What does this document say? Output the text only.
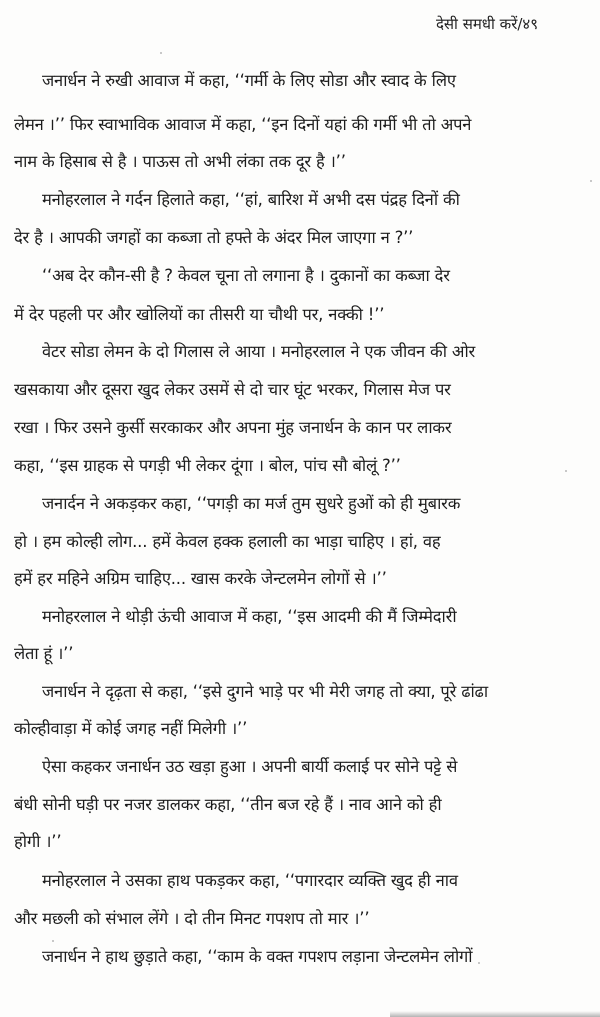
देसी समधी करें/४९
जनार्धन ने रुखी आवाज में कहा, ‘‘गर्मी के लिए सोडा और स्वाद के लिए
लेमन ।’’ फिर स्वाभाविक आवाज में कहा, ‘‘इन दिनों यहां की गर्मी भी तो अपने
नाम के हिसाब से है । पाऊस तो अभी लंका तक दूर है ।’’
मनोहरलाल ने गर्दन हिलाते कहा, ‘‘हां, बारिश में अभी दस पंद्रह दिनों की
देर है । आपकी जगहों का कब्जा तो हफ्ते के अंदर मिल जाएगा न ?’’
‘‘अब देर कौन-सी है ? केवल चूना तो लगाना है । दुकानों का कब्जा देर
में देर पहली पर और खोलियों का तीसरी या चौथी पर, नक्की !’’
वेटर सोडा लेमन के दो गिलास ले आया । मनोहरलाल ने एक जीवन की ओर
खसकाया और दूसरा खुद लेकर उसमें से दो चार घूंट भरकर, गिलास मेज पर
रखा । फिर उसने कुर्सी सरकाकर और अपना मुंह जनार्धन के कान पर लाकर
कहा, ‘‘इस ग्राहक से पगड़ी भी लेकर दूंगा । बोल, पांच सौ बोलूं ?’’
जनार्दन ने अकड़कर कहा, ‘‘पगड़ी का मर्ज तुम सुधरे हुओं को ही मुबारक
हो । हम कोल्ही लोग... हमें केवल हक्क हलाली का भाड़ा चाहिए । हां, वह
हमें हर महिने अग्रिम चाहिए... खास करके जेन्टलमेन लोगों से ।’’
मनोहरलाल ने थोड़ी ऊंची आवाज में कहा, ‘‘इस आदमी की मैं जिम्मेदारी
लेता हूं ।’’
जनार्धन ने दृढ़ता से कहा, ‘‘इसे दुगने भाड़े पर भी मेरी जगह तो क्या, पूरे ढांढा
कोल्हीवाड़ा में कोई जगह नहीं मिलेगी ।’’
ऐसा कहकर जनार्धन उठ खड़ा हुआ । अपनी बार्यी कलाई पर सोने पट्टे से
बंधी सोनी घड़ी पर नजर डालकर कहा, ‘‘तीन बज रहे हैं । नाव आने को ही
होगी ।’’
मनोहरलाल ने उसका हाथ पकड़कर कहा, ‘‘पगारदार व्यक्ति खुद ही नाव
और मछली को संभाल लेंगे । दो तीन मिनट गपशप तो मार ।’’
जनार्धन ने हाथ छुड़ाते कहा, ‘‘काम के वक्त गपशप लड़ाना जेन्टलमेन लोगों
